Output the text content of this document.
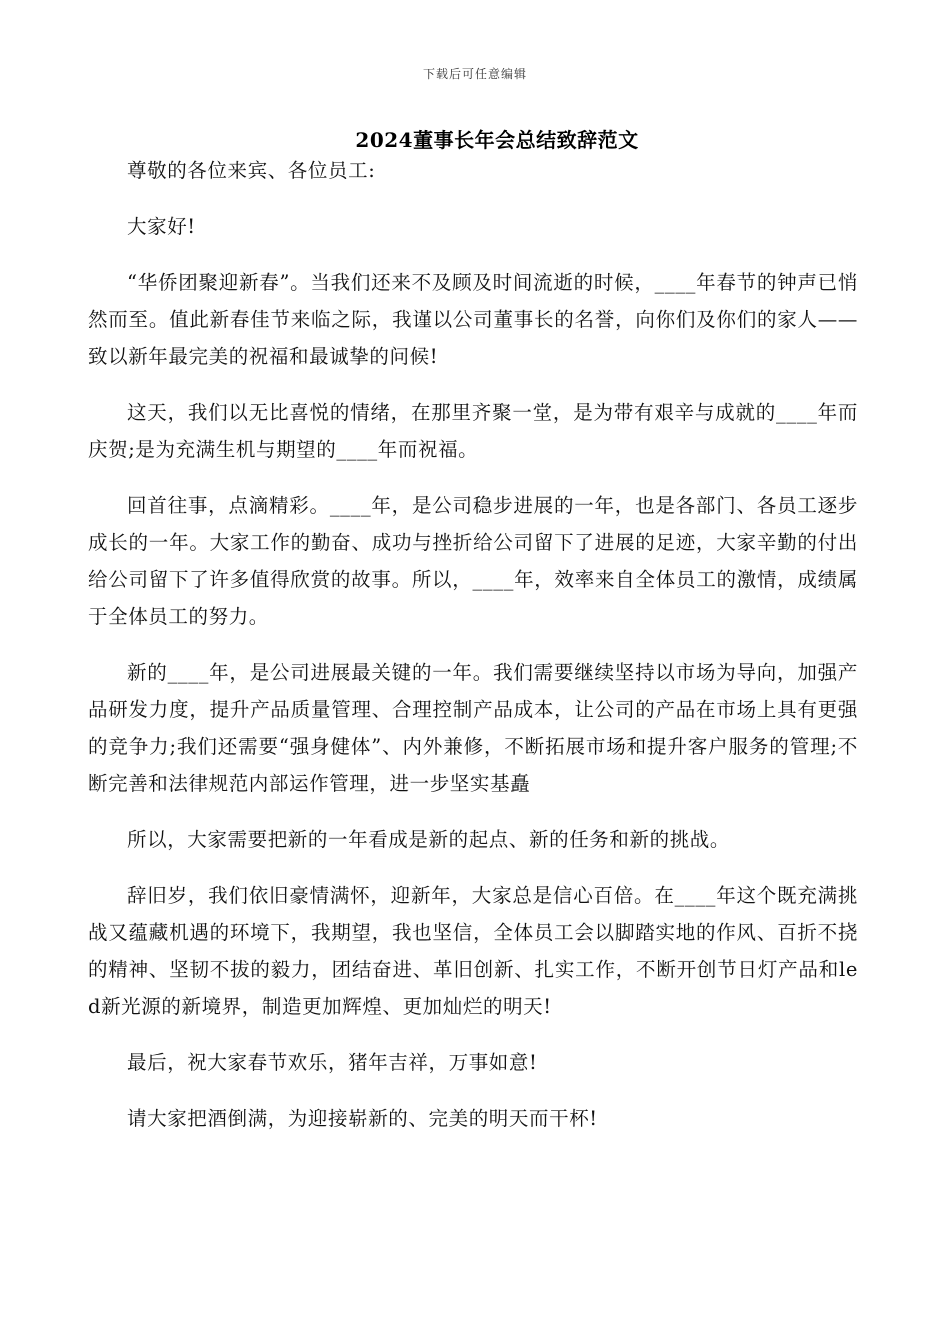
下载后可任意编辑
2024董事长年会总结致辞范文

尊敬的各位来宾、各位员工:

大家好!

“华侨团聚迎新春”。当我们还来不及顾及时间流逝的时候，____年春节的钟声已悄然而至。值此新春佳节来临之际，我谨以公司董事长的名誉，向你们及你们的家人——致以新年最完美的祝福和最诚挚的问候!

这天，我们以无比喜悦的情绪，在那里齐聚一堂，是为带有艰辛与成就的____年而庆贺;是为充满生机与期望的____年而祝福。

回首往事，点滴精彩。____年，是公司稳步进展的一年，也是各部门、各员工逐步成长的一年。大家工作的勤奋、成功与挫折给公司留下了进展的足迹，大家辛勤的付出给公司留下了许多值得欣赏的故事。所以，____年，效率来自全体员工的激情，成绩属于全体员工的努力。

新的____年，是公司进展最关键的一年。我们需要继续坚持以市场为导向，加强产品研发力度，提升产品质量管理、合理控制产品成本，让公司的产品在市场上具有更强的竞争力;我们还需要“强身健体”、内外兼修，不断拓展市场和提升客户服务的管理;不断完善和法律规范内部运作管理，进一步坚实基矗

所以，大家需要把新的一年看成是新的起点、新的任务和新的挑战。

辞旧岁，我们依旧豪情满怀，迎新年，大家总是信心百倍。在____年这个既充满挑战又蕴藏机遇的环境下，我期望，我也坚信，全体员工会以脚踏实地的作风、百折不挠的精神、坚韧不拔的毅力，团结奋进、革旧创新、扎实工作，不断开创节日灯产品和led新光源的新境界，制造更加辉煌、更加灿烂的明天!

最后，祝大家春节欢乐，猪年吉祥，万事如意!

请大家把酒倒满，为迎接崭新的、完美的明天而干杯!
